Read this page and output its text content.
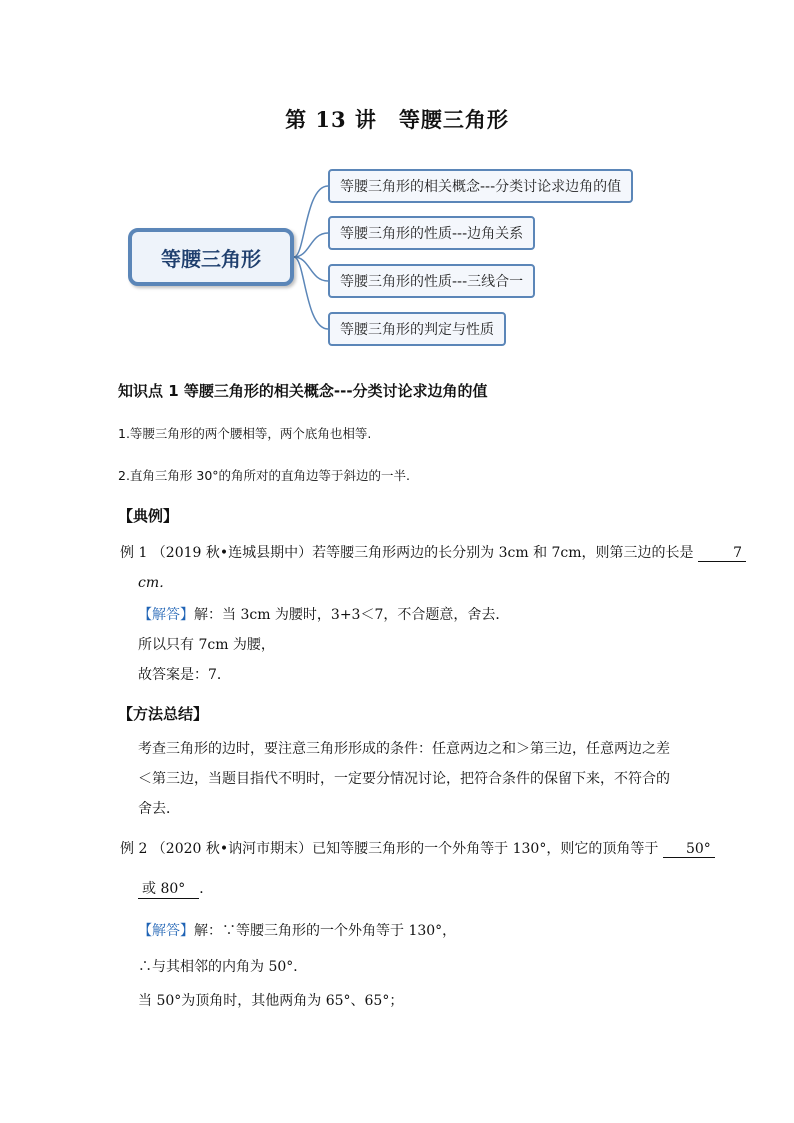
第 13 讲　等腰三角形
等腰三角形
等腰三角形的相关概念---分类讨论求边角的值
等腰三角形的性质---边角关系
等腰三角形的性质---三线合一
等腰三角形的判定与性质
知识点 1 等腰三角形的相关概念---分类讨论求边角的值
1.等腰三角形的两个腰相等，两个底角也相等.
2.直角三角形 30°的角所对的直角边等于斜边的一半.
【典例】
例 1 （2019 秋•连城县期中）若等腰三角形两边的长分别为 3cm 和 7cm，则第三边的长是	7
cm．
【解答】解：当 3cm 为腰时，3+3＜7，不合题意，舍去．
所以只有 7cm 为腰，
故答案是：7．
【方法总结】
考查三角形的边时，要注意三角形形成的条件：任意两边之和＞第三边，任意两边之差
＜第三边，当题目指代不明时，一定要分情况讨论，把符合条件的保留下来，不符合的
舍去．
例 2 （2020 秋•讷河市期末）已知等腰三角形的一个外角等于 130°，则它的顶角等于 50°
或 80° ．
【解答】解：∵等腰三角形的一个外角等于 130°，
∴与其相邻的内角为 50°．
当 50°为顶角时，其他两角为 65°、65°；
